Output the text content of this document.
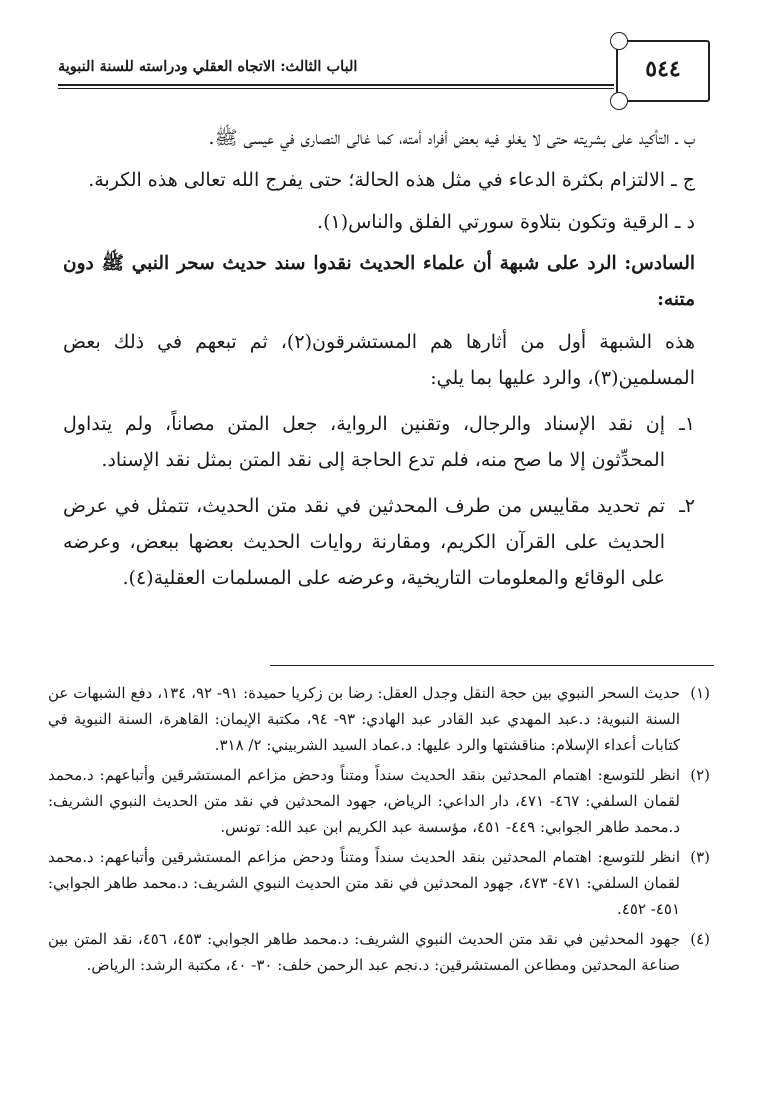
الباب الثالث: الاتجاه العقلي ودراسته للسنة النبوية	٥٤٤

ب ـ التأكيد على بشريته حتى لا يغلو فيه بعض أفراد أمته، كما غالى النصارى في عيسى ﷺ.

ج ـ الالتزام بكثرة الدعاء في مثل هذه الحالة؛ حتى يفرج الله تعالى هذه الكربة.

د ـ الرقية وتكون بتلاوة سورتي الفلق والناس(١).

السادس: الرد على شبهة أن علماء الحديث نقدوا سند حديث سحر النبي ﷺ دون متنه:

هذه الشبهة أول من أثارها هم المستشرقون(٢)، ثم تبعهم في ذلك بعض المسلمين(٣)، والرد عليها بما يلي:

١ـ
إن نقد الإسناد والرجال، وتقنين الرواية، جعل المتن مصاناً، ولم يتداول المحدِّثون إلا ما صح منه، فلم تدع الحاجة إلى نقد المتن بمثل نقد الإسناد.
٢ـ
تم تحديد مقاييس من طرف المحدثين في نقد متن الحديث، تتمثل في عرض الحديث على القرآن الكريم، ومقارنة روايات الحديث بعضها ببعض، وعرضه على الوقائع والمعلومات التاريخية، وعرضه على المسلمات العقلية(٤).
(١)
حديث السحر النبوي بين حجة النقل وجدل العقل: رضا بن زكريا حميدة: ٩١- ٩٢، ١٣٤، دفع الشبهات عن السنة النبوية: د.عبد المهدي عبد القادر عبد الهادي: ٩٣- ٩٤، مكتبة الإيمان: القاهرة، السنة النبوية في كتابات أعداء الإسلام: مناقشتها والرد عليها: د.عماد السيد الشربيني: ٢/ ٣١٨.
(٢)
انظر للتوسع: اهتمام المحدثين بنقد الحديث سنداً ومتناً ودحض مزاعم المستشرقين وأتباعهم: د.محمد لقمان السلفي: ٤٦٧- ٤٧١، دار الداعي: الرياض، جهود المحدثين في نقد متن الحديث النبوي الشريف: د.محمد طاهر الجوابي: ٤٤٩- ٤٥١، مؤسسة عبد الكريم ابن عبد الله: تونس.
(٣)
انظر للتوسع: اهتمام المحدثين بنقد الحديث سنداً ومتناً ودحض مزاعم المستشرقين وأتباعهم: د.محمد لقمان السلفي: ٤٧١- ٤٧٣، جهود المحدثين في نقد متن الحديث النبوي الشريف: د.محمد طاهر الجوابي: ٤٥١- ٤٥٢.
(٤)
جهود المحدثين في نقد متن الحديث النبوي الشريف: د.محمد طاهر الجوابي: ٤٥٣، ٤٥٦، نقد المتن بين صناعة المحدثين ومطاعن المستشرقين: د.نجم عبد الرحمن خلف: ٣٠- ٤٠، مكتبة الرشد: الرياض.
